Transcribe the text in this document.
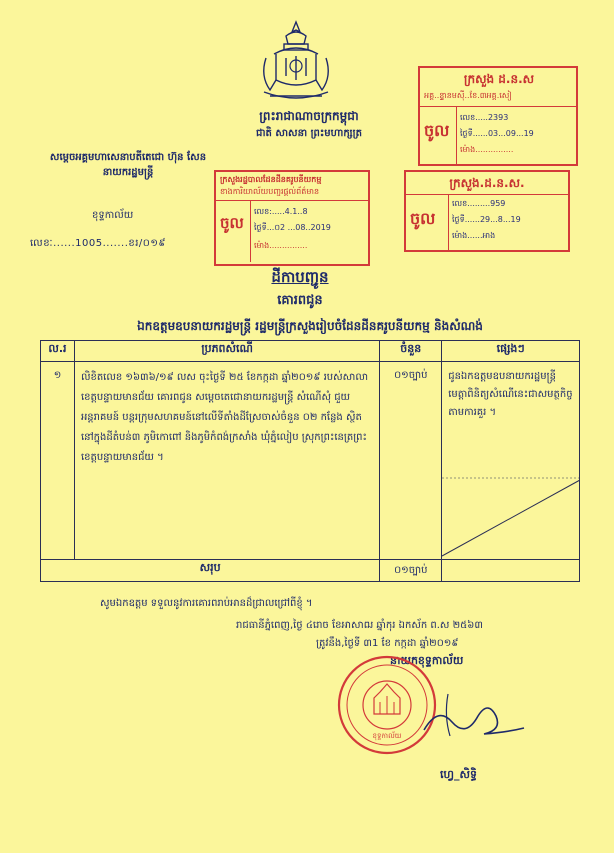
ព្រះរាជាណាចក្រកម្ពុជា
ជាតិ សាសនា ព្រះមហាក្សត្រ
សម្តេចអគ្គមហាសេនាបតីតេជោ ហ៊ុន សែន
នាយករដ្ឋមន្ត្រី
ខុទ្ទកាល័យ
លេខៈ......1005.......ខរ/០១៩
ក្រសួងរដ្ឋបាលដែនដីនគរូបនីយកម្ម
ខាងការិយាល័យបញ្ជរផ្តល់ព័ត៌មាន
ចូល
លេខ:.....4.1..8
ថ្ងៃទី...០2 ...08..2019
ម៉ោង...............
ក្រសួង ដ.ន.ស
អគ្គ..ន្ទ្ធានមស៊ី..ខែ.៣អគ្គ.សៀ
ចូល
លេខ.....2393
ថ្ងៃទី......03...09...19
ម៉ោង...............
ក្រសួង.ដ.ន.ស.
ចូល
លេខ.........959
ថ្ងៃទី......29...8...19
ម៉ោង......អាង
ដីកាបញ្ជូន
គោរពជូន
ឯកឧត្តមឧបនាយករដ្ឋមន្ត្រី រដ្ឋមន្ត្រីក្រសួងរៀបចំដែនដីនគរូបនីយកម្ម និងសំណង់
ល.រ	ប្រភពសំណើ	ចំនួន	ផ្សេងៗ
១	លិខិតលេខ ១៦៣៦/១៩ លស ចុះថ្ងៃទី ២៥ ខែកក្កដា ឆ្នាំ២០១៩ របស់សាលាខេត្តបន្ទាយមានជ័យ គោរពជូន សម្តេចតេជោនាយករដ្ឋមន្ត្រី សំណើសុំ ជួយអន្តរាគមន៍ បន្តរក្រុមសហគមន៍នៅលើទីតាំងដីស្រែចាស់ចំនួន ០២ កន្លែង ស្ថិតនៅក្នុងដីតំបន់៣ ភូមិកោពៅ និងភូមិកំពង់ក្រសាំង ឃុំភ្នំលៀប ស្រុកព្រះនេត្រព្រះ ខេត្តបន្ទាយមានជ័យ ។	០១ច្បាប់	ជូនឯកឧត្តមឧបនាយករដ្ឋមន្ត្រី មេត្តាពិនិត្យសំណើនេះជាសមត្ថកិច្ចតាមការគួរ ។

សរុប		០១ច្បាប់	
សូមឯកឧត្តម ទទួលនូវការគោរពរាប់អានដ៏ជ្រាលជ្រៅពីខ្ញុំ ។
រាជធានីភ្នំពេញ,ថ្ងៃ ៤រោច ខែអាសាឍ ឆ្នាំកុរ ឯកស័ក ព.ស ២៥៦៣
ត្រូវនឹង,ថ្ងៃទី ៣1 ខែ កក្កដា ឆ្នាំ២០១៩
នាយកខុទ្ទកាល័យ
ខុទ្ទកាល័យ
ហ្វេ_សិទ្ធិ
